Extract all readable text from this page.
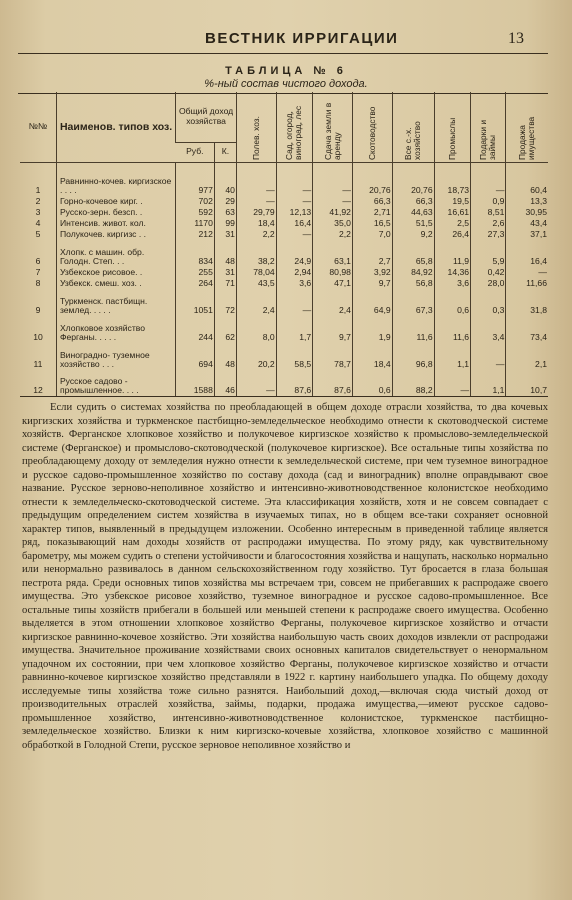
ВЕСТНИК ИРРИГАЦИИ	13
ТАБЛИЦА № 6
%-ный состав чистого дохода.
№№	Наименов. типов хоз.	Общий доход хозяйства		Полев. хоз.	Сад, огород, виноград, лес	Сдача земли в аренду	Скотоводство	Все с.-х. хозяйство	Промыслы	Подарки и займы	Продажа имущества

		Руб.	К.								

1	Равнинно-кочев. киргизское . . . .	977	40	—	—	—	20,76	20,76	18,73	—	60,4
2	Горно-кочевое кирг. .	702	29	—	—	—	66,3	66,3	19,5	0,9	13,3
3	Русско-зерн. безсп. .	592	63	29,79	12,13	41,92	2,71	44,63	16,61	8,51	30,95
4	Интенсив. живот. кол.	1170	99	18,4	16,4	35,0	16,5	51,5	2,5	2,6	43,4
5	Полукочев. киргизс . .	212	31	2,2	—	2,2	7,0	9,2	26,4	27,3	37,1
6	Хлопк. с машин. обр. Голодн. Степ. . .	834	48	38,2	24,9	63,1	2,7	65,8	11,9	5,9	16,4
7	Узбекское рисовое. .	255	31	78,04	2,94	80,98	3,92	84,92	14,36	0,42	—
8	Узбекск. смеш. хоз. .	264	71	43,5	3,6	47,1	9,7	56,8	3,6	28,0	11,66
9	Туркменск. пастбищн. землед. . . . .	1051	72	2,4	—	2,4	64,9	67,3	0,6	0,3	31,8
10	Хлопковое хозяйство Ферганы. . . . .	244	62	8,0	1,7	9,7	1,9	11,6	11,6	3,4	73,4
11	Виноградно- туземное хозяйство . . .	694	48	20,2	58,5	78,7	18,4	96,8	1,1	—	2,1
12	Русское садово - промышленное. . . .	1588	46	—	87,6	87,6	0,6	88,2	—	1,1	10,7

Если судить о системах хозяйства по преобладающей в общем доходе отрасли хозяйства, то два кочевых киргизских хозяйства и туркменское пастбищно-земледельческое необходимо отнести к скотоводческой системе хозяйств. Ферганское хлопковое хозяйство и полукочевое киргизское хозяйство к промыслово-земледельческой системе (Ферганское) и промыслово-скотоводческой (полукочевое киргизское). Все остальные типы хозяйства по преобладающему доходу от земледелия нужно отнести к земледельческой системе, при чем туземное виноградное и русское садово-промышленное хозяйство по составу дохода (сад и виноградник) вполне оправдывают свое название. Русское зерново-неполивное хозяйство и интенсивно-животноводственное колонистское необходимо отнести к земледельческо-скотоводческой системе. Эта классификация хозяйств, хотя и не совсем совпадает с предыдущим определением систем хозяйства в изучаемых типах, но в общем все-таки сохраняет основной характер типов, выявленный в предыдущем изложении. Особенно интересным в приведенной таблице является ряд, показывающий нам доходы хозяйств от распродажи имущества. По этому ряду, как чувствительному барометру, мы можем судить о степени устойчивости и благосостояния хозяйства и нащупать, насколько нормально или ненормально развивалось в данном сельскохозяйственном году хозяйство. Тут бросается в глаза большая пестрота ряда. Среди основных типов хозяйства мы встречаем три, совсем не прибегавших к распродаже своего имущества. Это узбекское рисовое хозяйство, туземное виноградное и русское садово-промышленное. Все остальные типы хозяйств прибегали в большей или меньшей степени к распродаже своего имущества. Особенно выделяется в этом отношении хлопковое хозяйство Ферганы, полукочевое киргизское хозяйство и отчасти киргизское равнинно-кочевое хозяйство. Эти хозяйства наибольшую часть своих доходов извлекли от распродажи имущества. Значительное проживание хозяйствами своих основных капиталов свидетельствует о ненормальном упадочном их состоянии, при чем хлопковое хозяйство Ферганы, полукочевое киргизское хозяйство и отчасти равнинно-кочевое киргизское хозяйство представляли в 1922 г. картину наибольшего упадка. По общему доходу исследуемые типы хозяйства тоже сильно разнятся. Наибольший доход,—включая сюда чистый доход от производительных отраслей хозяйства, займы, подарки, продажа имущества,—имеют русское садово-промышленное хозяйство, интенсивно-животноводственное колонистское, туркменское пастбищно-земледельческое хозяйство. Близки к ним киргизско-кочевые хозяйства, хлопковое хозяйство с машинной обработкой в Голодной Степи, русское зерновое неполивное хозяйство и
